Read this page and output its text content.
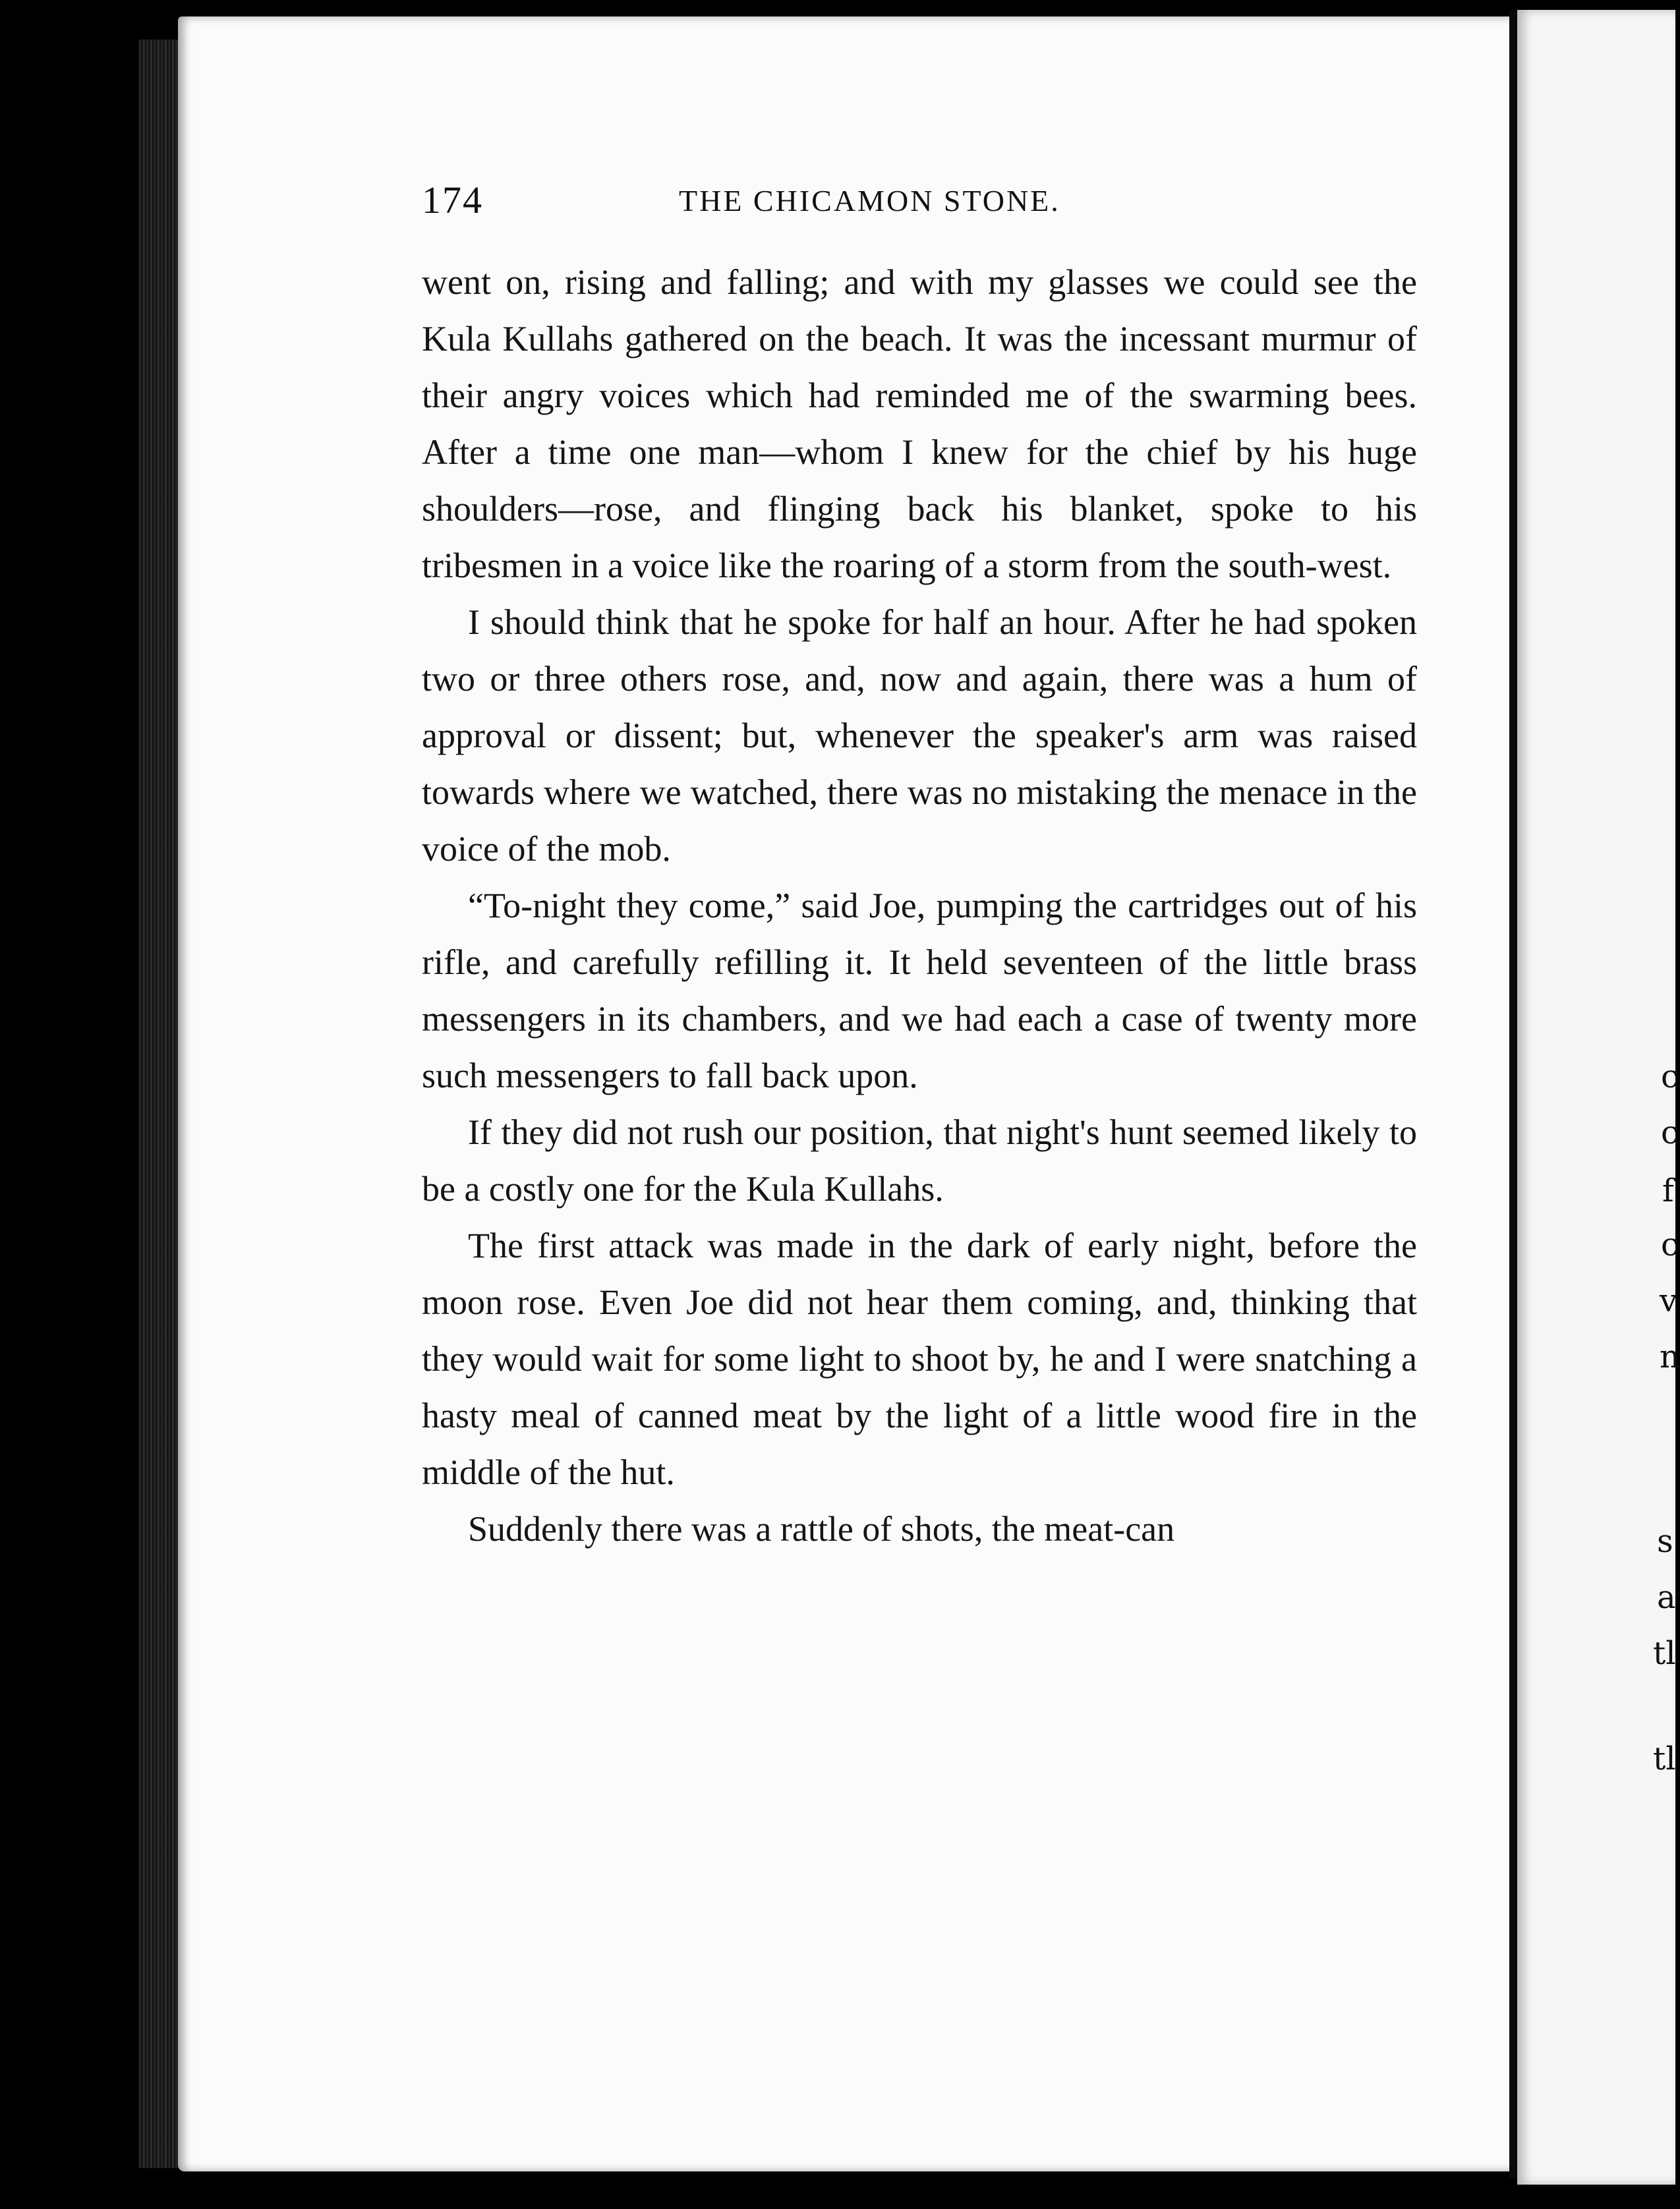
c
c
f
c
v
n
s
a
tl
tl
174	THE CHICAMON STONE.

went on, rising and falling; and with my glasses we could see the Kula Kullahs gathered on the beach. It was the incessant murmur of their angry voices which had reminded me of the swarming bees. After a time one man—whom I knew for the chief by his huge shoulders—rose, and flinging back his blanket, spoke to his tribesmen in a voice like the roaring of a storm from the south-west.

I should think that he spoke for half an hour. After he had spoken two or three others rose, and, now and again, there was a hum of approval or dissent; but, whenever the speaker's arm was raised towards where we watched, there was no mistaking the menace in the voice of the mob.

“To-night they come,” said Joe, pumping the cartridges out of his rifle, and carefully refilling it. It held seventeen of the little brass messengers in its chambers, and we had each a case of twenty more such messengers to fall back upon.

If they did not rush our position, that night's hunt seemed likely to be a costly one for the Kula Kullahs.

The first attack was made in the dark of early night, before the moon rose. Even Joe did not hear them coming, and, thinking that they would wait for some light to shoot by, he and I were snatching a hasty meal of canned meat by the light of a little wood fire in the middle of the hut.

Suddenly there was a rattle of shots, the meat-can
